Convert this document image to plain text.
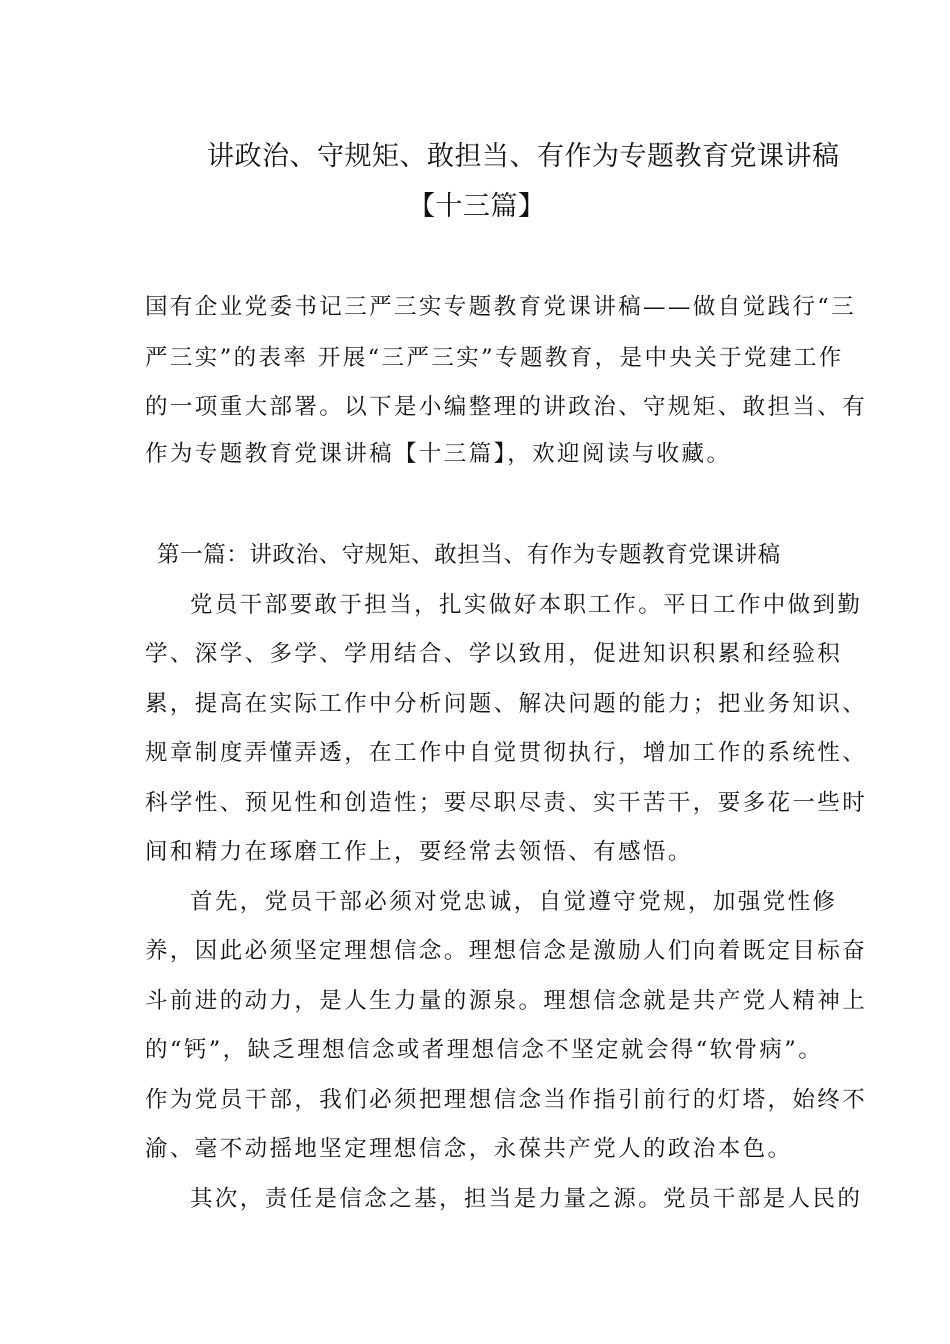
讲政治、守规矩、敢担当、有作为专题教育党课讲稿
【十三篇】
国有企业党委书记三严三实专题教育党课讲稿——做自觉践行“三
严三实”的表率 开展“三严三实”专题教育，是中央关于党建工作
的一项重大部署。以下是小编整理的讲政治、守规矩、敢担当、有
作为专题教育党课讲稿【十三篇】，欢迎阅读与收藏。
第一篇：讲政治、守规矩、敢担当、有作为专题教育党课讲稿
党员干部要敢于担当，扎实做好本职工作。平日工作中做到勤
学、深学、多学、学用结合、学以致用，促进知识积累和经验积
累，提高在实际工作中分析问题、解决问题的能力；把业务知识、
规章制度弄懂弄透，在工作中自觉贯彻执行，增加工作的系统性、
科学性、预见性和创造性；要尽职尽责、实干苦干，要多花一些时
间和精力在琢磨工作上，要经常去领悟、有感悟。
首先，党员干部必须对党忠诚，自觉遵守党规，加强党性修
养，因此必须坚定理想信念。理想信念是激励人们向着既定目标奋
斗前进的动力，是人生力量的源泉。理想信念就是共产党人精神上
的“钙”，缺乏理想信念或者理想信念不坚定就会得“软骨病”。
作为党员干部，我们必须把理想信念当作指引前行的灯塔，始终不
渝、毫不动摇地坚定理想信念，永葆共产党人的政治本色。
其次，责任是信念之基，担当是力量之源。党员干部是人民的
